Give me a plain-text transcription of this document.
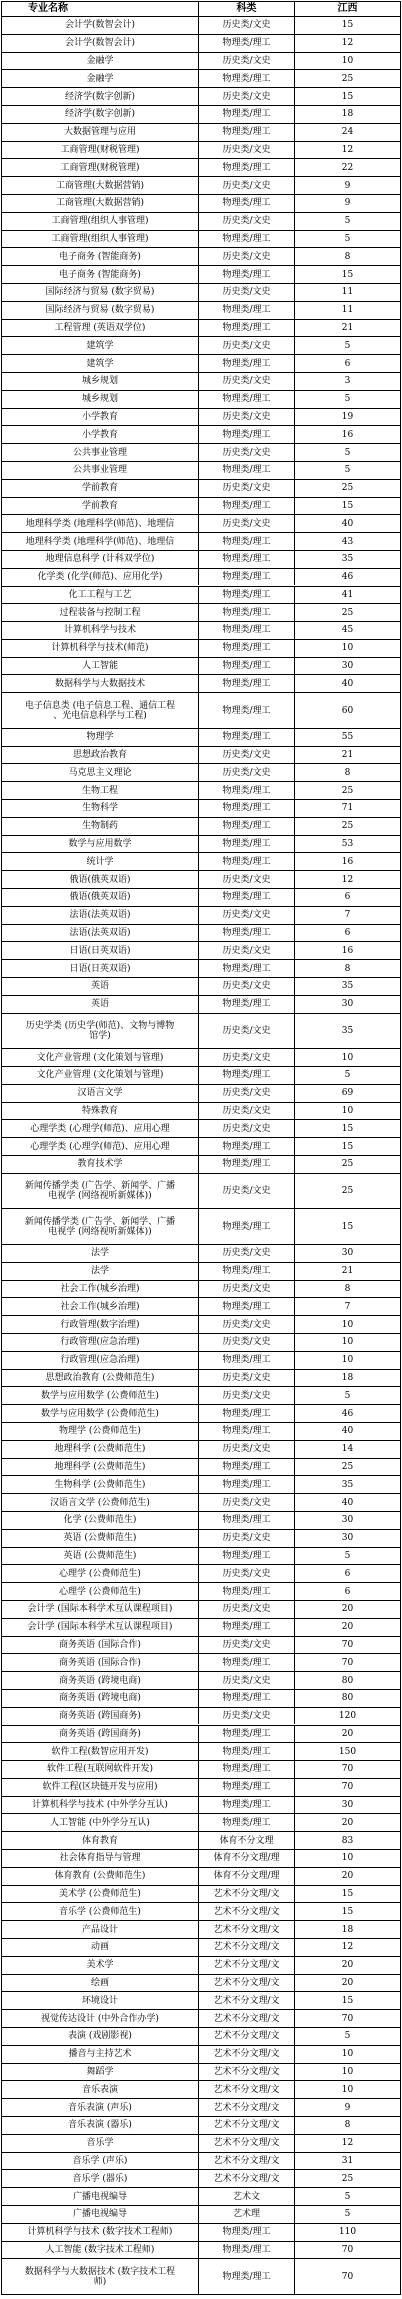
专业名称	科类	江西
会计学(数智会计)	历史类/文史	15
会计学(数智会计)	物理类/理工	12
金融学	历史类/文史	10
金融学	物理类/理工	25
经济学(数字创新)	历史类/文史	15
经济学(数字创新)	物理类/理工	18
大数据管理与应用	物理类/理工	24
工商管理(财税管理)	历史类/文史	12
工商管理(财税管理)	物理类/理工	22
工商管理(大数据营销)	历史类/文史	9
工商管理(大数据营销)	物理类/理工	9
工商管理(组织人事管理)	历史类/文史	5
工商管理(组织人事管理)	物理类/理工	5
电子商务 (智能商务)	历史类/文史	8
电子商务 (智能商务)	物理类/理工	15
国际经济与贸易 (数字贸易)	历史类/文史	11
国际经济与贸易 (数字贸易)	物理类/理工	11
工程管理 (英语双学位)	物理类/理工	21
建筑学	历史类/文史	5
建筑学	物理类/理工	6
城乡规划	历史类/文史	3
城乡规划	物理类/理工	5
小学教育	历史类/文史	19
小学教育	物理类/理工	16
公共事业管理	历史类/文史	5
公共事业管理	物理类/理工	5
学前教育	历史类/文史	25
学前教育	物理类/理工	15
地理科学类 (地理科学(师范)、地理信	历史类/文史	40
地理科学类 (地理科学(师范)、地理信	物理类/理工	43
地理信息科学 (计科双学位)	物理类/理工	35
化学类 (化学(师范)、应用化学)	物理类/理工	46
化工工程与工艺	物理类/理工	41
过程装备与控制工程	物理类/理工	25
计算机科学与技术	物理类/理工	45
计算机科学与技术(师范)	物理类/理工	10
人工智能	物理类/理工	30
数据科学与大数据技术	物理类/理工	40
电子信息类 (电子信息工程、通信工程
、光电信息科学与工程)	物理类/理工	60
物理学	物理类/理工	55
思想政治教育	历史类/文史	21
马克思主义理论	历史类/文史	8
生物工程	物理类/理工	25
生物科学	物理类/理工	71
生物制药	物理类/理工	25
数学与应用数学	物理类/理工	53
统计学	物理类/理工	16
俄语(俄英双语)	历史类/文史	12
俄语(俄英双语)	物理类/理工	6
法语(法英双语)	历史类/文史	7
法语(法英双语)	物理类/理工	6
日语(日英双语)	历史类/文史	16
日语(日英双语)	物理类/理工	8
英语	历史类/文史	35
英语	物理类/理工	30
历史学类 (历史学(师范)、文物与博物
馆学)	历史类/文史	35
文化产业管理 (文化策划与管理)	历史类/文史	10
文化产业管理 (文化策划与管理)	物理类/理工	5
汉语言文学	历史类/文史	69
特殊教育	历史类/文史	10
心理学类 (心理学(师范)、应用心理	历史类/文史	15
心理学类 (心理学(师范)、应用心理	物理类/理工	15
教育技术学	物理类/理工	25
新闻传播学类 (广告学、新闻学、广播
电视学 (网络视听新媒体))	历史类/文史	25
新闻传播学类 (广告学、新闻学、广播
电视学 (网络视听新媒体))	物理类/理工	15
法学	历史类/文史	30
法学	物理类/理工	21
社会工作(城乡治理)	历史类/文史	8
社会工作(城乡治理)	物理类/理工	7
行政管理(数字治理)	历史类/文史	10
行政管理(应急治理)	历史类/文史	10
行政管理(应急治理)	物理类/理工	10
思想政治教育 (公费师范生)	历史类/文史	18
数学与应用数学 (公费师范生)	历史类/文史	5
数学与应用数学 (公费师范生)	物理类/理工	46
物理学 (公费师范生)	物理类/理工	40
地理科学 (公费师范生)	历史类/文史	14
地理科学 (公费师范生)	物理类/理工	25
生物科学 (公费师范生)	物理类/理工	35
汉语言文学 (公费师范生)	历史类/文史	40
化学 (公费师范生)	物理类/理工	30
英语 (公费师范生)	历史类/文史	30
英语 (公费师范生)	物理类/理工	5
心理学 (公费师范生)	历史类/文史	6
心理学 (公费师范生)	物理类/理工	6
会计学 (国际本科学术互认课程项目)	历史类/文史	20
会计学 (国际本科学术互认课程项目)	物理类/理工	20
商务英语 (国际合作)	历史类/文史	70
商务英语 (国际合作)	物理类/理工	70
商务英语 (跨境电商)	历史类/文史	80
商务英语 (跨境电商)	物理类/理工	80
商务英语 (跨国商务)	历史类/文史	120
商务英语 (跨国商务)	物理类/理工	20
软件工程(数智应用开发)	物理类/理工	150
软件工程(互联网软件开发)	物理类/理工	70
软件工程(区块链开发与应用)	物理类/理工	70
计算机科学与技术 (中外学分互认)	物理类/理工	30
人工智能 (中外学分互认)	物理类/理工	20
体育教育	体育不分文理	83
社会体育指导与管理	体育不分文理/理	10
体育教育 (公费师范生)	体育不分文理/理	20
美术学 (公费师范生)	艺术不分文理/文	15
音乐学 (公费师范生)	艺术不分文理/文	15
产品设计	艺术不分文理/文	18
动画	艺术不分文理/文	12
美术学	艺术不分文理/文	20
绘画	艺术不分文理/文	20
环境设计	艺术不分文理/文	15
视觉传达设计 (中外合作办学)	艺术不分文理/文	70
表演 (戏剧影视)	艺术不分文理/文	5
播音与主持艺术	艺术不分文理/文	10
舞蹈学	艺术不分文理/文	10
音乐表演	艺术不分文理/文	10
音乐表演 (声乐)	艺术不分文理/文	9
音乐表演 (器乐)	艺术不分文理/文	8
音乐学	艺术不分文理/文	12
音乐学 (声乐)	艺术不分文理/文	31
音乐学 (器乐)	艺术不分文理/文	25
广播电视编导	艺术文	5
广播电视编导	艺术理	5
计算机科学与技术 (数字技术工程师)	物理类/理工	110
人工智能 (数字技术工程师)	物理类/理工	70
数据科学与大数据技术 (数字技术工程
师)	物理类/理工	70
